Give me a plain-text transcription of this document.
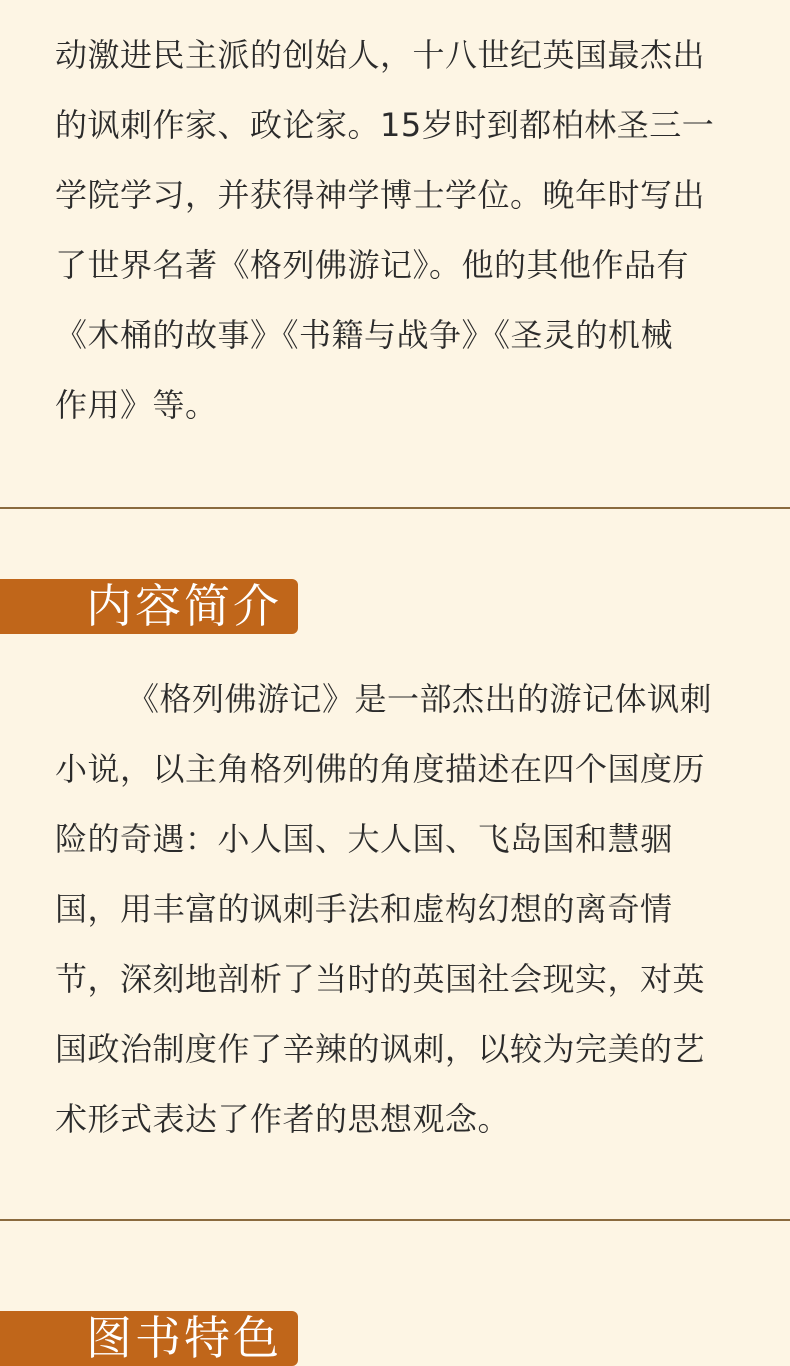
动激进民主派的创始人，十八世纪英国最杰出
的讽刺作家、政论家。15岁时到都柏林圣三一
学院学习，并获得神学博士学位。晚年时写出
了世界名著《格列佛游记》。他的其他作品有
《木桶的故事》《书籍与战争》《圣灵的机械
作用》等。
内容简介
《格列佛游记》是一部杰出的游记体讽刺
小说，以主角格列佛的角度描述在四个国度历
险的奇遇：小人国、大人国、飞岛国和慧骃
国，用丰富的讽刺手法和虚构幻想的离奇情
节，深刻地剖析了当时的英国社会现实，对英
国政治制度作了辛辣的讽刺，以较为完美的艺
术形式表达了作者的思想观念。
图书特色
